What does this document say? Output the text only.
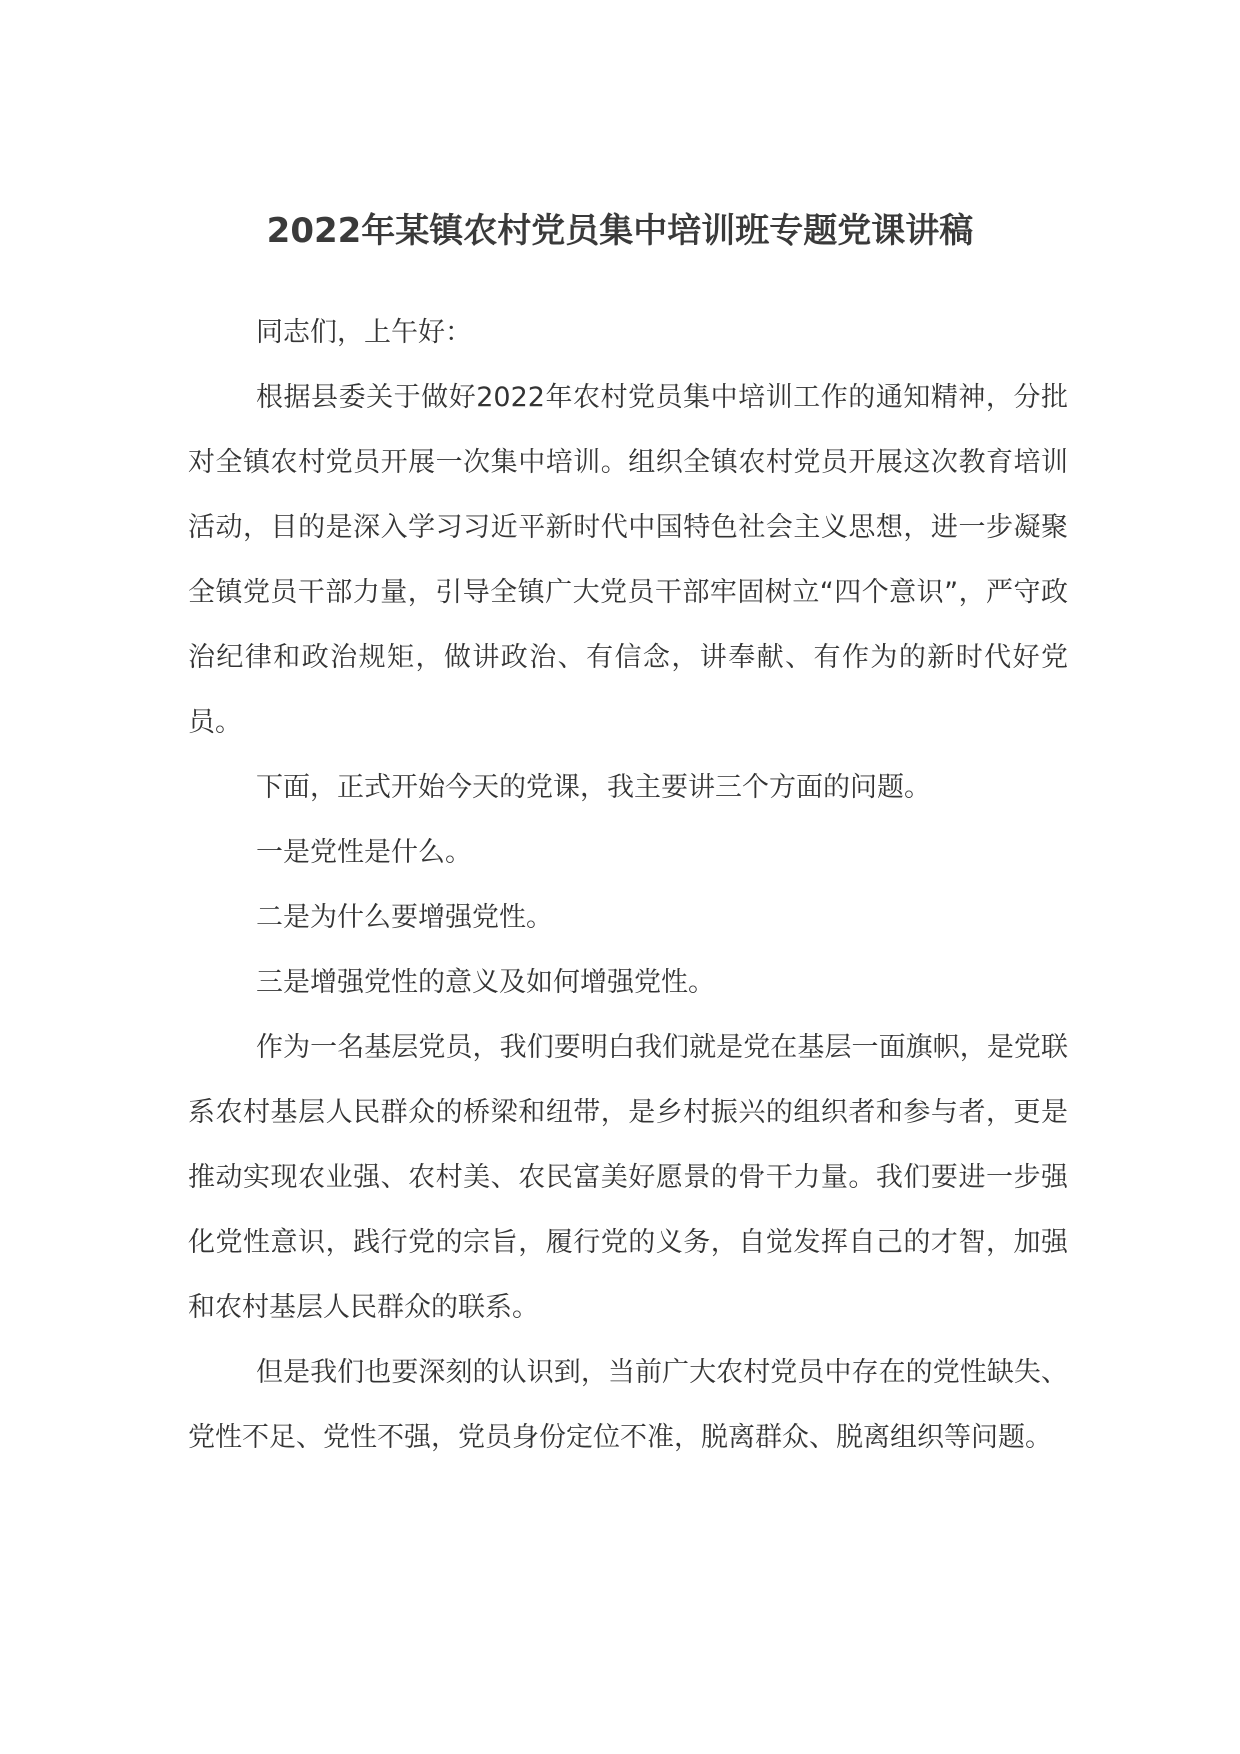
2022年某镇农村党员集中培训班专题党课讲稿

同志们，上午好：

根据县委关于做好2022年农村党员集中培训工作的通知精神，分批对全镇农村党员开展一次集中培训。组织全镇农村党员开展这次教育培训活动，目的是深入学习习近平新时代中国特色社会主义思想，进一步凝聚全镇党员干部力量，引导全镇广大党员干部牢固树立“四个意识”，严守政治纪律和政治规矩，做讲政治、有信念，讲奉献、有作为的新时代好党员。

下面，正式开始今天的党课，我主要讲三个方面的问题。

一是党性是什么。

二是为什么要增强党性。

三是增强党性的意义及如何增强党性。

作为一名基层党员，我们要明白我们就是党在基层一面旗帜，是党联系农村基层人民群众的桥梁和纽带，是乡村振兴的组织者和参与者，更是推动实现农业强、农村美、农民富美好愿景的骨干力量。我们要进一步强化党性意识，践行党的宗旨，履行党的义务，自觉发挥自己的才智，加强和农村基层人民群众的联系。

但是我们也要深刻的认识到，当前广大农村党员中存在的党性缺失、党性不足、党性不强，党员身份定位不准，脱离群众、脱离组织等问题。
